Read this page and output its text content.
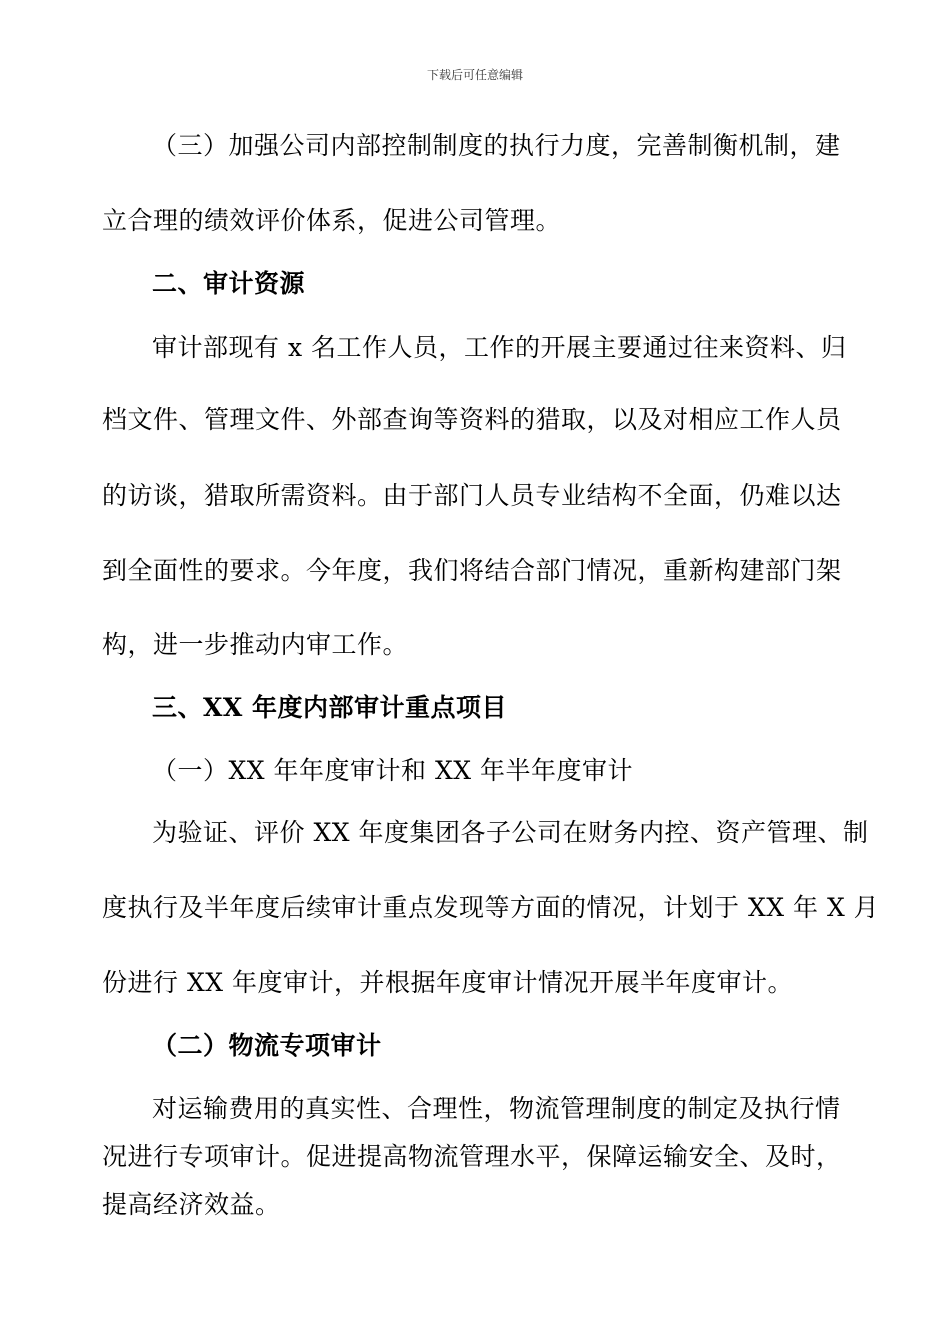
下载后可任意编辑
（三）加强公司内部控制制度的执行力度，完善制衡机制，建
立合理的绩效评价体系，促进公司管理。
二、审计资源
审计部现有 x 名工作人员，工作的开展主要通过往来资料、归
档文件、管理文件、外部查询等资料的猎取，以及对相应工作人员
的访谈，猎取所需资料。由于部门人员专业结构不全面，仍难以达
到全面性的要求。今年度，我们将结合部门情况，重新构建部门架
构，进一步推动内审工作。
三、XX 年度内部审计重点项目
（一）XX 年年度审计和 XX 年半年度审计
为验证、评价 XX 年度集团各子公司在财务内控、资产管理、制
度执行及半年度后续审计重点发现等方面的情况，计划于 XX 年 X 月
份进行 XX 年度审计，并根据年度审计情况开展半年度审计。
（二）物流专项审计
对运输费用的真实性、合理性，物流管理制度的制定及执行情
况进行专项审计。促进提高物流管理水平，保障运输安全、及时，
提高经济效益。
